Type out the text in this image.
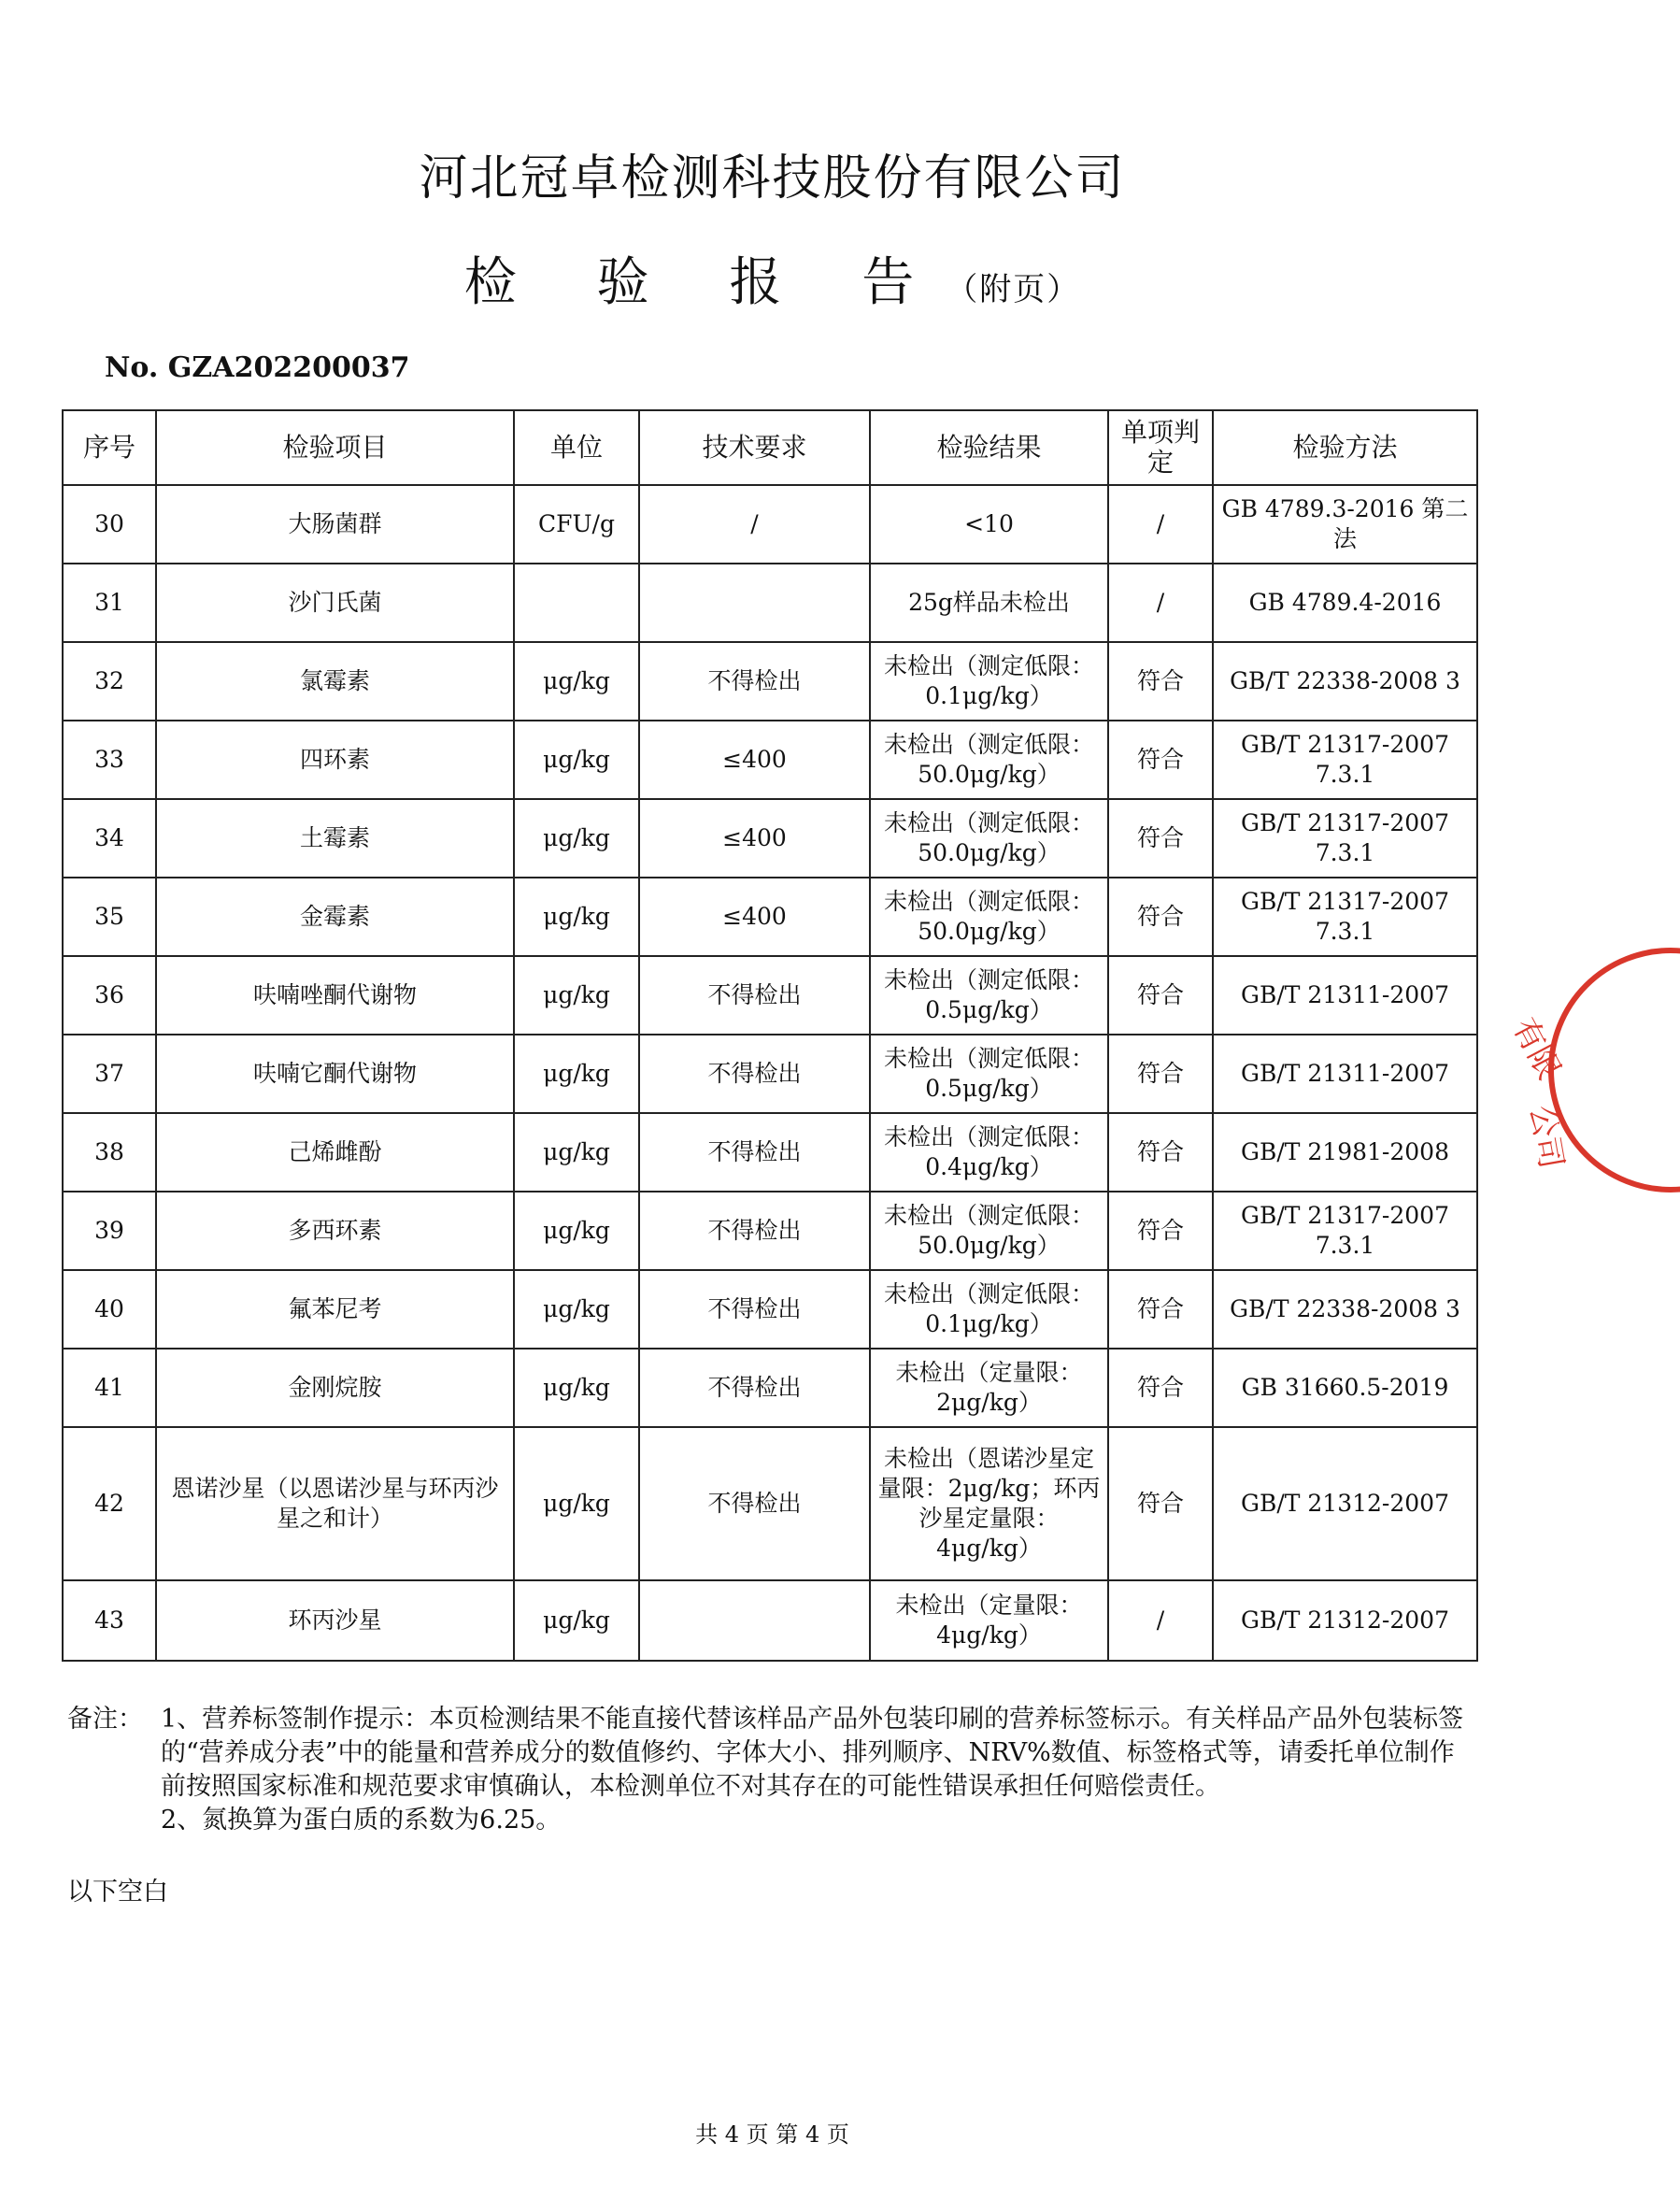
河北冠卓检测科技股份有限公司
检 验 报 告（附页）
No. GZA202200037
序号	检验项目	单位	技术要求	检验结果	单项判定	检验方法
30	大肠菌群	CFU/g	/	<10	/	GB 4789.3-2016 第二法
31	沙门氏菌			25g样品未检出	/	GB 4789.4-2016
32	氯霉素	μg/kg	不得检出	未检出（测定低限：0.1μg/kg）	符合	GB/T 22338-2008 3
33	四环素	μg/kg	≤400	未检出（测定低限：50.0μg/kg）	符合	GB/T 21317-2007 7.3.1
34	土霉素	μg/kg	≤400	未检出（测定低限：50.0μg/kg）	符合	GB/T 21317-2007 7.3.1
35	金霉素	μg/kg	≤400	未检出（测定低限：50.0μg/kg）	符合	GB/T 21317-2007 7.3.1
36	呋喃唑酮代谢物	μg/kg	不得检出	未检出（测定低限：0.5μg/kg）	符合	GB/T 21311-2007
37	呋喃它酮代谢物	μg/kg	不得检出	未检出（测定低限：0.5μg/kg）	符合	GB/T 21311-2007
38	己烯雌酚	μg/kg	不得检出	未检出（测定低限：0.4μg/kg）	符合	GB/T 21981-2008
39	多西环素	μg/kg	不得检出	未检出（测定低限：50.0μg/kg）	符合	GB/T 21317-2007 7.3.1
40	氟苯尼考	μg/kg	不得检出	未检出（测定低限：0.1μg/kg）	符合	GB/T 22338-2008 3
41	金刚烷胺	μg/kg	不得检出	未检出（定量限：2μg/kg）	符合	GB 31660.5-2019
42	恩诺沙星（以恩诺沙星与环丙沙星之和计）	μg/kg	不得检出	未检出（恩诺沙星定量限：2μg/kg；环丙沙星定量限：4μg/kg）	符合	GB/T 21312-2007
43	环丙沙星	μg/kg		未检出（定量限：4μg/kg）	/	GB/T 21312-2007
备注： 1、营养标签制作提示：本页检测结果不能直接代替该样品产品外包装印刷的营养标签标示。有关样品产品外包装标签的“营养成分表”中的能量和营养成分的数值修约、字体大小、排列顺序、NRV%数值、标签格式等，请委托单位制作前按照国家标准和规范要求审慎确认，本检测单位不对其存在的可能性错误承担任何赔偿责任。
2、氮换算为蛋白质的系数为6.25。
以下空白
共 4 页 第 4 页
有限
公司
